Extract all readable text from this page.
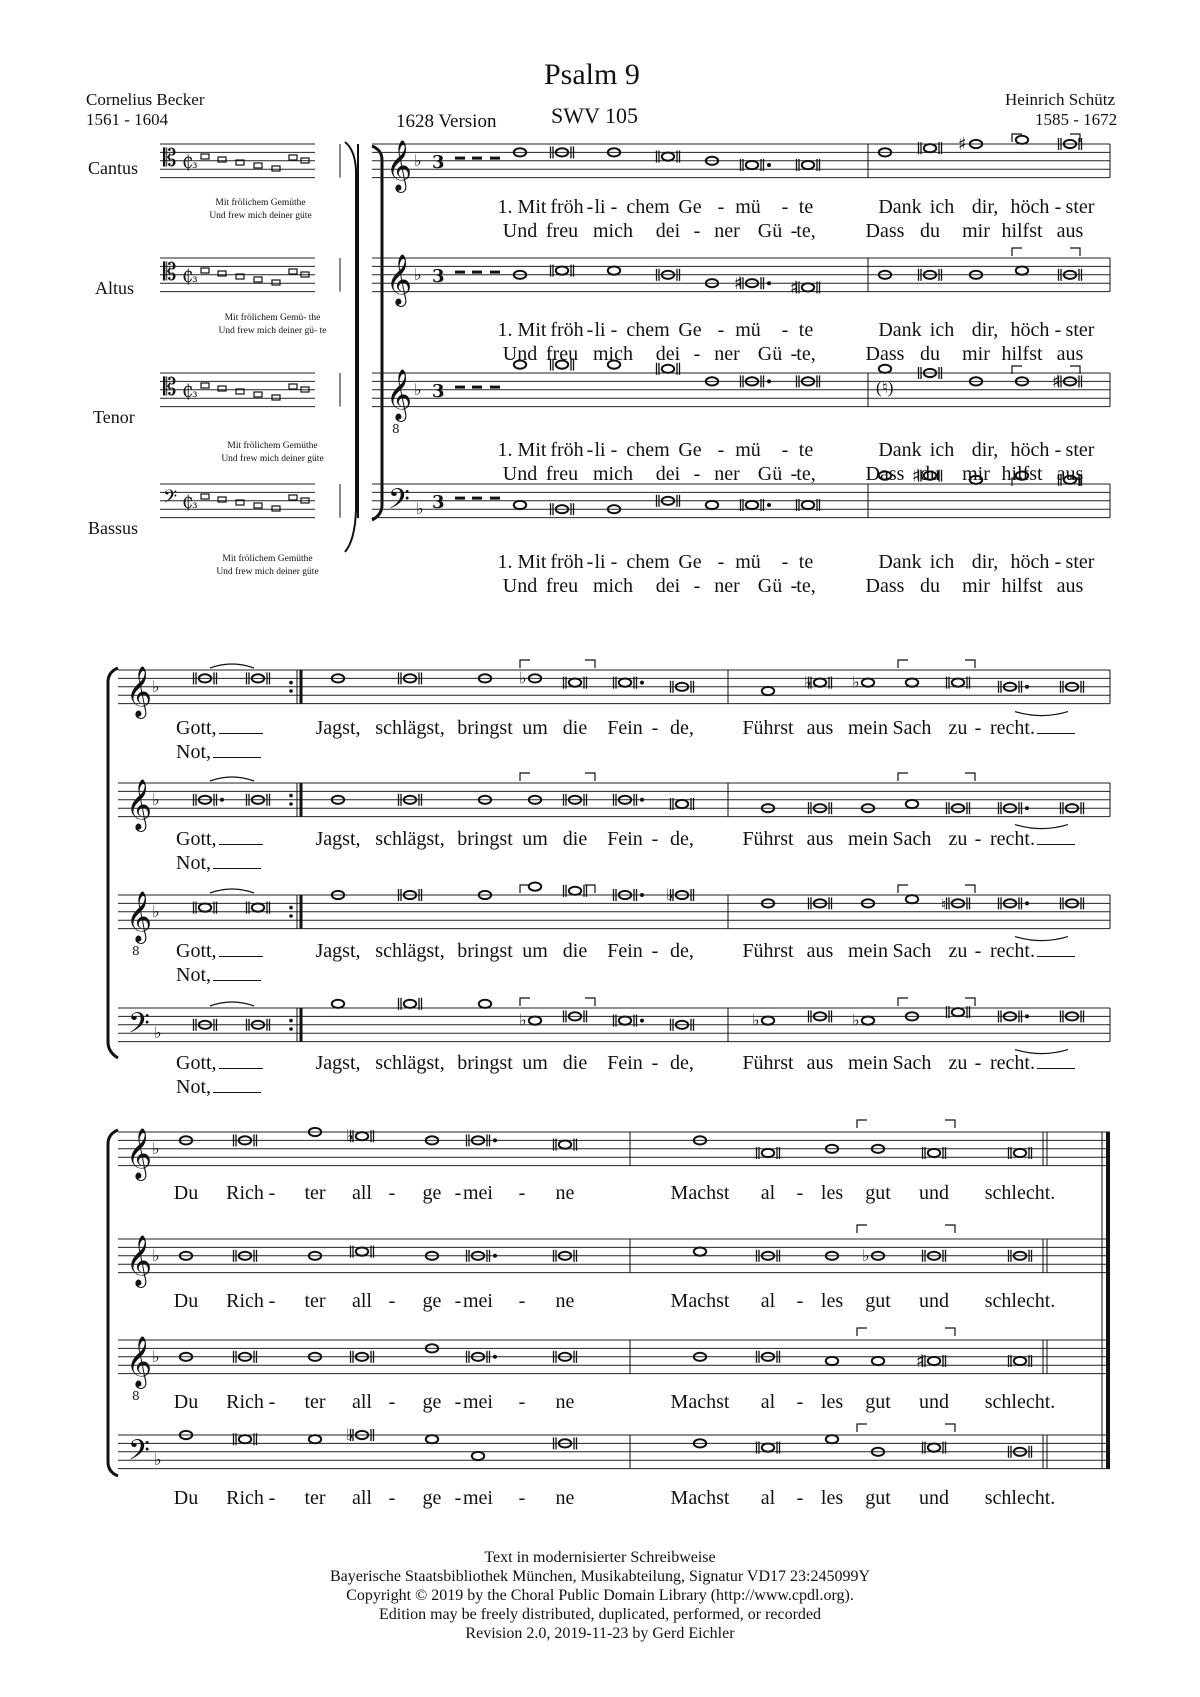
Psalm 9
SWV 105
1628 Version
Cornelius Becker
1561 - 1604
Heinrich Schütz
1585 - 1672
Cantus
Altus
Tenor
Bassus
Mit frölichem Gemüthe
Und frew mich deiner güte
Mit frölichem Gemü- the
Und frew mich deiner gü- te
Mit frölichem Gemüthe
Und frew mich deiner güte
Mit frölichem Gemüthe
Und frew mich deiner güte
(♮)
𝄡 ₵
₃
𝄡 ₵
₃
𝄡 ₵
₃
𝄢 ₵
₃
𝄞 ♭ 3
♯
𝄞 ♭ 3	♯	♯
𝄞
8
♭ 3	♯
𝄢 ♭ 3
♯
𝄞 ♭	♭	♭	♭
𝄞 ♭
𝄞
8
♭
♭
♮
𝄢 ♭
♭	♭	♭
𝄞 ♭
♭
𝄞 ♭	♭
𝄞
8
♭	♯
𝄢 ♭
♭
1. Mit fröh - li - chem Ge - mü - te	Dank ich dir, höch - ster
Und freu mich dei - ner Gü -
te, Dass du mir hilfst aus
1. Mit fröh - li - chem Ge - mü - te	Dank ich dir, höch - ster
Und freu mich dei - ner Gü -
te, Dass du mir hilfst aus
1. Mit fröh - li - chem Ge - mü - te	Dank ich dir, höch - ster
Und freu mich dei - ner Gü -
te, Dass du mir hilfst aus
1. Mit fröh - li - chem Ge - mü - te	Dank ich dir, höch - ster
Und freu mich dei - ner Gü -
te, Dass du mir hilfst aus
Gott,
Not,
Jagst, schlägst, bringst um die Fein - de, Führst aus mein Sach zu - recht.
Gott,
Not,
Jagst, schlägst, bringst um die Fein - de, Führst aus mein Sach zu - recht.
Gott,
Not,
Jagst, schlägst, bringst um die Fein - de, Führst aus mein Sach zu - recht.
Gott,
Not,
Jagst, schlägst, bringst um die Fein - de, Führst aus mein Sach zu - recht.
Du Rich - ter all - ge - mei - ne	Machst al - les gut und schlecht.
Du Rich - ter all - ge - mei - ne	Machst al - les gut und schlecht.
Du Rich - ter all - ge - mei - ne	Machst al - les gut und schlecht.
Du Rich - ter all - ge - mei - ne	Machst al - les gut und schlecht.
Text in modernisierter Schreibweise
Bayerische Staatsbibliothek München, Musikabteilung, Signatur VD17 23:245099Y
Copyright © 2019 by the Choral Public Domain Library (http://www.cpdl.org).
Edition may be freely distributed, duplicated, performed, or recorded
Revision 2.0, 2019-11-23 by Gerd Eichler
